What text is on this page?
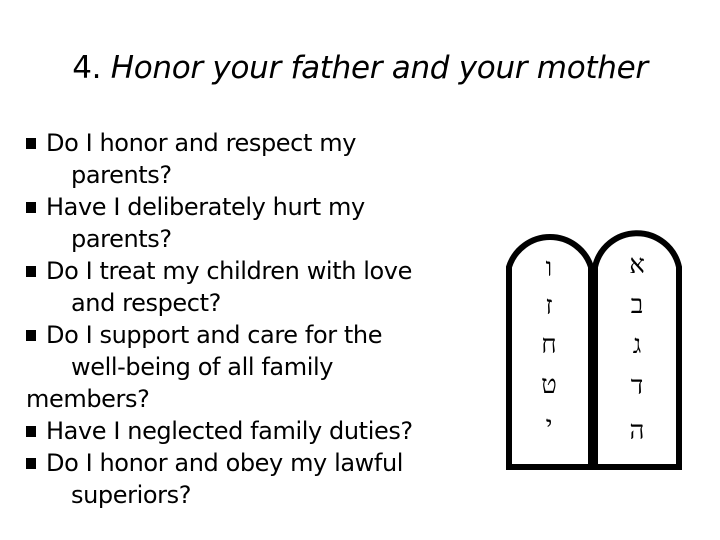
4. Honor your father and your mother
Do I honor and respect my
parents?
Have I deliberately hurt my
parents?
Do I treat my children with love
and respect?
Do I support and care for the
well-being of all family
members?
Have I neglected family duties?
Do I honor and obey my lawful
superiors?
ו
ז
ח
ט
י
א
ב
ג
ד
ה
